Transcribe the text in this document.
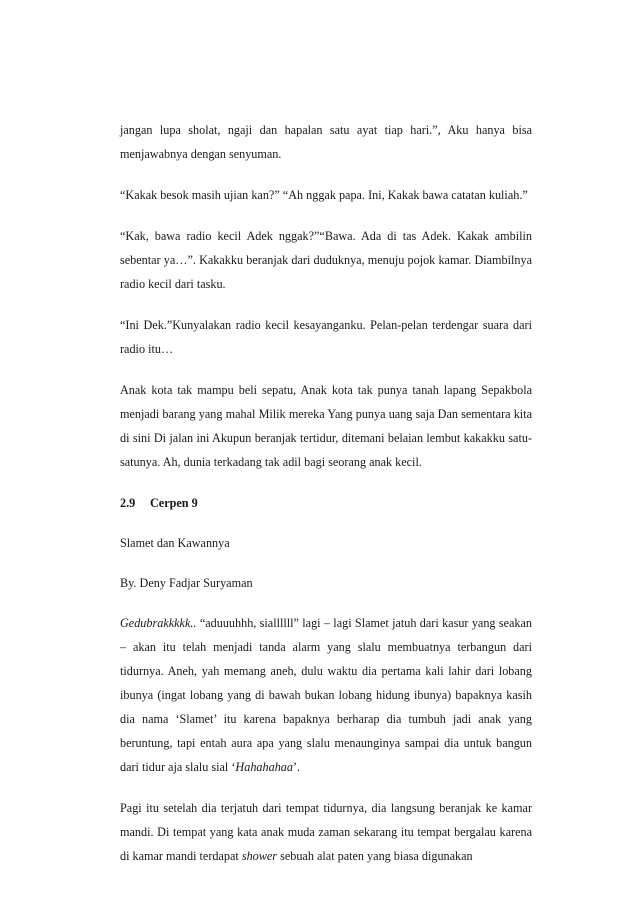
jangan lupa sholat, ngaji dan hapalan satu ayat tiap hari.”, Aku hanya bisa menjawabnya dengan senyuman.

“Kakak besok masih ujian kan?” “Ah nggak papa. Ini, Kakak bawa catatan kuliah.”

“Kak, bawa radio kecil Adek nggak?”“Bawa. Ada di tas Adek. Kakak ambilin sebentar ya…”. Kakakku beranjak dari duduknya, menuju pojok kamar. Diambilnya radio kecil dari tasku.

“Ini Dek.”Kunyalakan radio kecil kesayanganku. Pelan-pelan terdengar suara dari radio itu…

Anak kota tak mampu beli sepatu, Anak kota tak punya tanah lapang Sepakbola menjadi barang yang mahal Milik mereka Yang punya uang saja Dan sementara kita di sini Di jalan ini Akupun beranjak tertidur, ditemani belaian lembut kakakku satu-satunya. Ah, dunia terkadang tak adil bagi seorang anak kecil.

2.9 Cerpen 9

Slamet dan Kawannya

By. Deny Fadjar Suryaman

Gedubrakkkkk.. “aduuuhhh, siallllll” lagi – lagi Slamet jatuh dari kasur yang seakan – akan itu telah menjadi tanda alarm yang slalu membuatnya terbangun dari tidurnya. Aneh, yah memang aneh, dulu waktu dia pertama kali lahir dari lobang ibunya (ingat lobang yang di bawah bukan lobang hidung ibunya) bapaknya kasih dia nama ‘Slamet’ itu karena bapaknya berharap dia tumbuh jadi anak yang beruntung, tapi entah aura apa yang slalu menaunginya sampai dia untuk bangun dari tidur aja slalu sial ‘Hahahahaa’.

Pagi itu setelah dia terjatuh dari tempat tidurnya, dia langsung beranjak ke kamar mandi. Di tempat yang kata anak muda zaman sekarang itu tempat bergalau karena di kamar mandi terdapat shower sebuah alat paten yang biasa digunakan
